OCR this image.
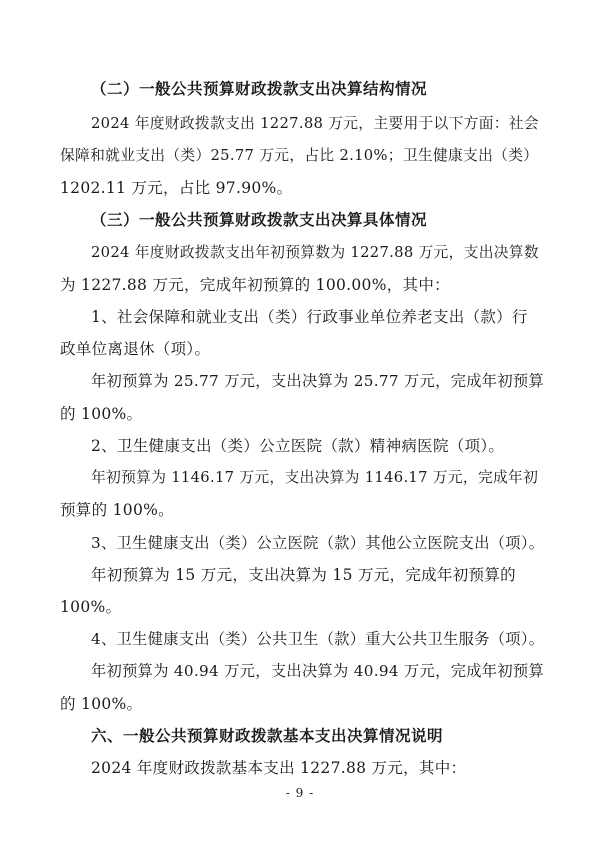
（二）一般公共预算财政拨款支出决算结构情况
2024 年度财政拨款支出 1227.88 万元，主要用于以下方面：社会
保障和就业支出（类）25.77 万元，占比 2.10%；卫生健康支出（类）
1202.11 万元，占比 97.90%。
（三）一般公共预算财政拨款支出决算具体情况
2024 年度财政拨款支出年初预算数为 1227.88 万元，支出决算数
为 1227.88 万元，完成年初预算的 100.00%，其中：
1、社会保障和就业支出（类）行政事业单位养老支出（款）行
政单位离退休（项）。
年初预算为 25.77 万元，支出决算为 25.77 万元，完成年初预算
的 100%。
2、卫生健康支出（类）公立医院（款）精神病医院（项）。
年初预算为 1146.17 万元，支出决算为 1146.17 万元，完成年初
预算的 100%。
3、卫生健康支出（类）公立医院（款）其他公立医院支出（项）。
年初预算为 15 万元，支出决算为 15 万元，完成年初预算的
100%。
4、卫生健康支出（类）公共卫生（款）重大公共卫生服务（项）。
年初预算为 40.94 万元，支出决算为 40.94 万元，完成年初预算
的 100%。
六、一般公共预算财政拨款基本支出决算情况说明
2024 年度财政拨款基本支出 1227.88 万元，其中：
- 9 -
